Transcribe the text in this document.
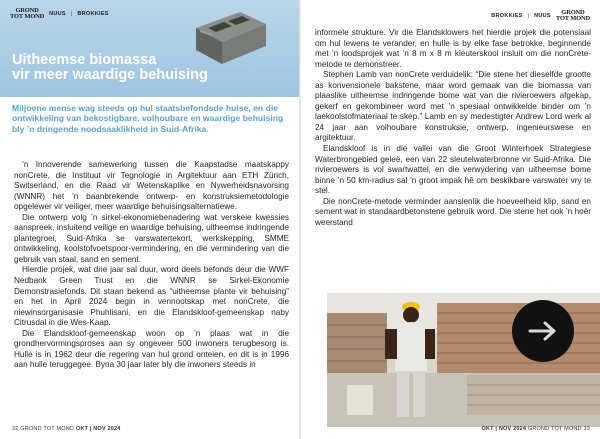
GROND
TOT MOND NUUS | BROKKIES
Uitheemse biomassa
vir meer waardige behuising
Miljoene mense wag steeds op hul staatsbefondsde huise, en die ontwikkeling van bekostigbare, volhoubare en waardige behuising bly ’n dringende noodsaaklikheid in Suid-Afrika.

’n Innoverende samewerking tussen die Kaapstadse maatskappy nonCrete, die Instituut vir Tegnologie in Argitektuur aan ETH Zürich, Switserland, en die Raad vir Wetenskaplike en Nywerheidsnavorsing (WNNR) het ’n baanbrekende ontwerp- en konstruksiemetodologie opgelewer vir veiliger, meer waardige behuisingsalternatiewe.

Die ontwerp volg ’n sirkel-ekonomiebenadering wat verskeie kwessies aanspreek, insluitend veilige en waardige behuising, uitheemse indringende plantegroei, Suid-Afrika se varswatertekort, werkskepping, SMME ontwikkeling, koolstofvoetspoor-vermindering, en die vermindering van die gebruik van staal, sand en sement.

Hierdie projek, wat drie jaar sal duur, word deels befonds deur die WWF Nedbank Green Trust en die WNNR se Sirkel-Ekonomie Demonstrasiefonds. Dit staan bekend as “uitheemse plante vir behuising” en het in April 2024 begin in vennootskap met nonCrete, die niewinsorganisasie Phuhlisani, en die Elandskloof-gemeenskap naby Citrusdal in die Wes-Kaap.

Die Elandskloof-gemeenskap woon op ’n plaas wat in die grondhervormingsproses aan sy ongeveer 500 inwoners terugbesorg is. Hulle is in 1962 deur die regering van hul grond onteien, en dit is in 1996 aan hulle teruggegee. Byna 30 jaar later bly die inwoners steeds in

32 GROND TOT MOND OKT | NOV 2024
BROKKIES | NUUS	GROND
TOT MOND

informele strukture. Vir die Elandsklowers het hierdie projek die potensiaal om hul lewens te verander, en hulle is by elke fase betrokke, beginnende met ’n loodsprojek wat ’n 8 m x 8 m kleuterskool insluit om die nonCrete-metode te demonstreer.

Stephen Lamb van nonCrete verduidelik: “Die stene het dieselfde grootte as konvensionele bakstene, maar word gemaak van die biomassa van plaaslike uitheemse indringende bome wat van die rivieroewers afgekap, gekerf en gekombineer word met ’n spesiaal ontwikkelde binder om ’n laekoolstofmateriaal te skep.” Lamb en sy medestigter Andrew Lord werk al 24 jaar aan volhoubare konstruksie, ontwerp, ingenieurswese en argitektuur.

Elandskloof is in die vallei van die Groot Winterhoek Strategiese Waterbrongebied geleë, een van 22 sleutelwaterbronne vir Suid-Afrika. Die rivieroewers is vol swartwattel, en die verwydering van uitheemse bome binne ’n 50 km-radius sal ’n groot impak hê om beskikbare varswater vry te stel.

Die nonCrete-metode verminder aansienlik die hoeveelheid klip, sand en sement wat in standaardbetonstene gebruik word. Die stene het ook ’n hoër weerstand

OKT | NOV 2024 GROND TOT MOND 33
